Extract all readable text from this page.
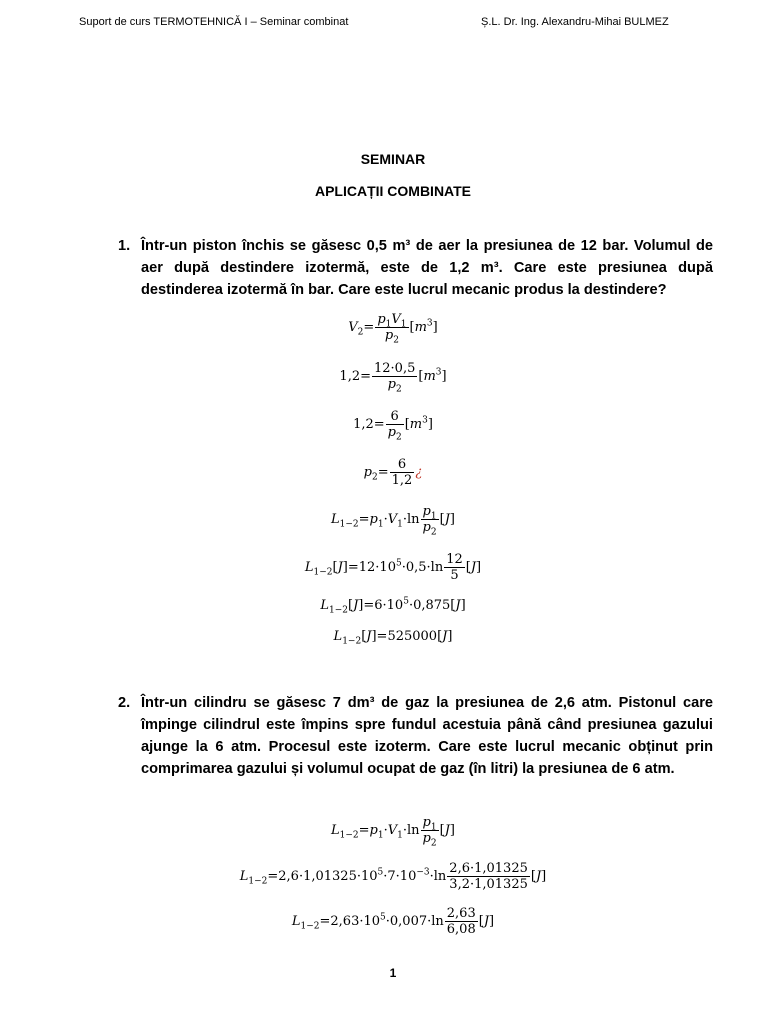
Suport de curs TERMOTEHNICĂ I – Seminar combinat	Ș.L. Dr. Ing. Alexandru-Mihai BULMEZ
SEMINAR
APLICAȚII COMBINATE
1. Într-un piston închis se găsesc 0,5 m³ de aer la presiunea de 12 bar. Volumul de aer după destindere izotermă, este de 1,2 m³. Care este presiunea după destinderea izotermă în bar. Care este lucrul mecanic produs la destindere?
$V_2= \frac{p_1V_1}{p_2} [m^3]$
$1,2= \frac{12\cdot 0,5}{p_2} [m^3]$
$1,2= \frac{6}{p_2} [m^3]$
$p_2= \frac{6}{1,2}$ ¿
$L_{1-2}=p_1\cdot V_1\cdot\ln \frac{p_1}{p_2} [J]$
$L_{1-2}[J]=12\cdot 10^5\cdot 0,5\cdot\ln \frac{12}{5} [J]$
$L_{1-2}[J]=6\cdot 10^5\cdot 0,875[J]$
$L_{1-2}[J]=525000[J]$
2. Într-un cilindru se găsesc 7 dm³ de gaz la presiunea de 2,6 atm. Pistonul care împinge cilindrul este împins spre fundul acestuia până când presiunea gazului ajunge la 6 atm. Procesul este izoterm. Care este lucrul mecanic obținut prin comprimarea gazului și volumul ocupat de gaz (în litri) la presiunea de 6 atm.
$L_{1-2}=p_1\cdot V_1\cdot\ln \frac{p_1}{p_2} [J]$
$L_{1-2}=2,6\cdot 1,01325\cdot 10^5\cdot 7\cdot 10^{-3}\cdot\ln \frac{2,6\cdot 1,01325}{3,2\cdot 1,01325} [J]$
$L_{1-2}=2,63\cdot 10^5\cdot 0,007\cdot\ln \frac{2,63}{6,08} [J]$
1
